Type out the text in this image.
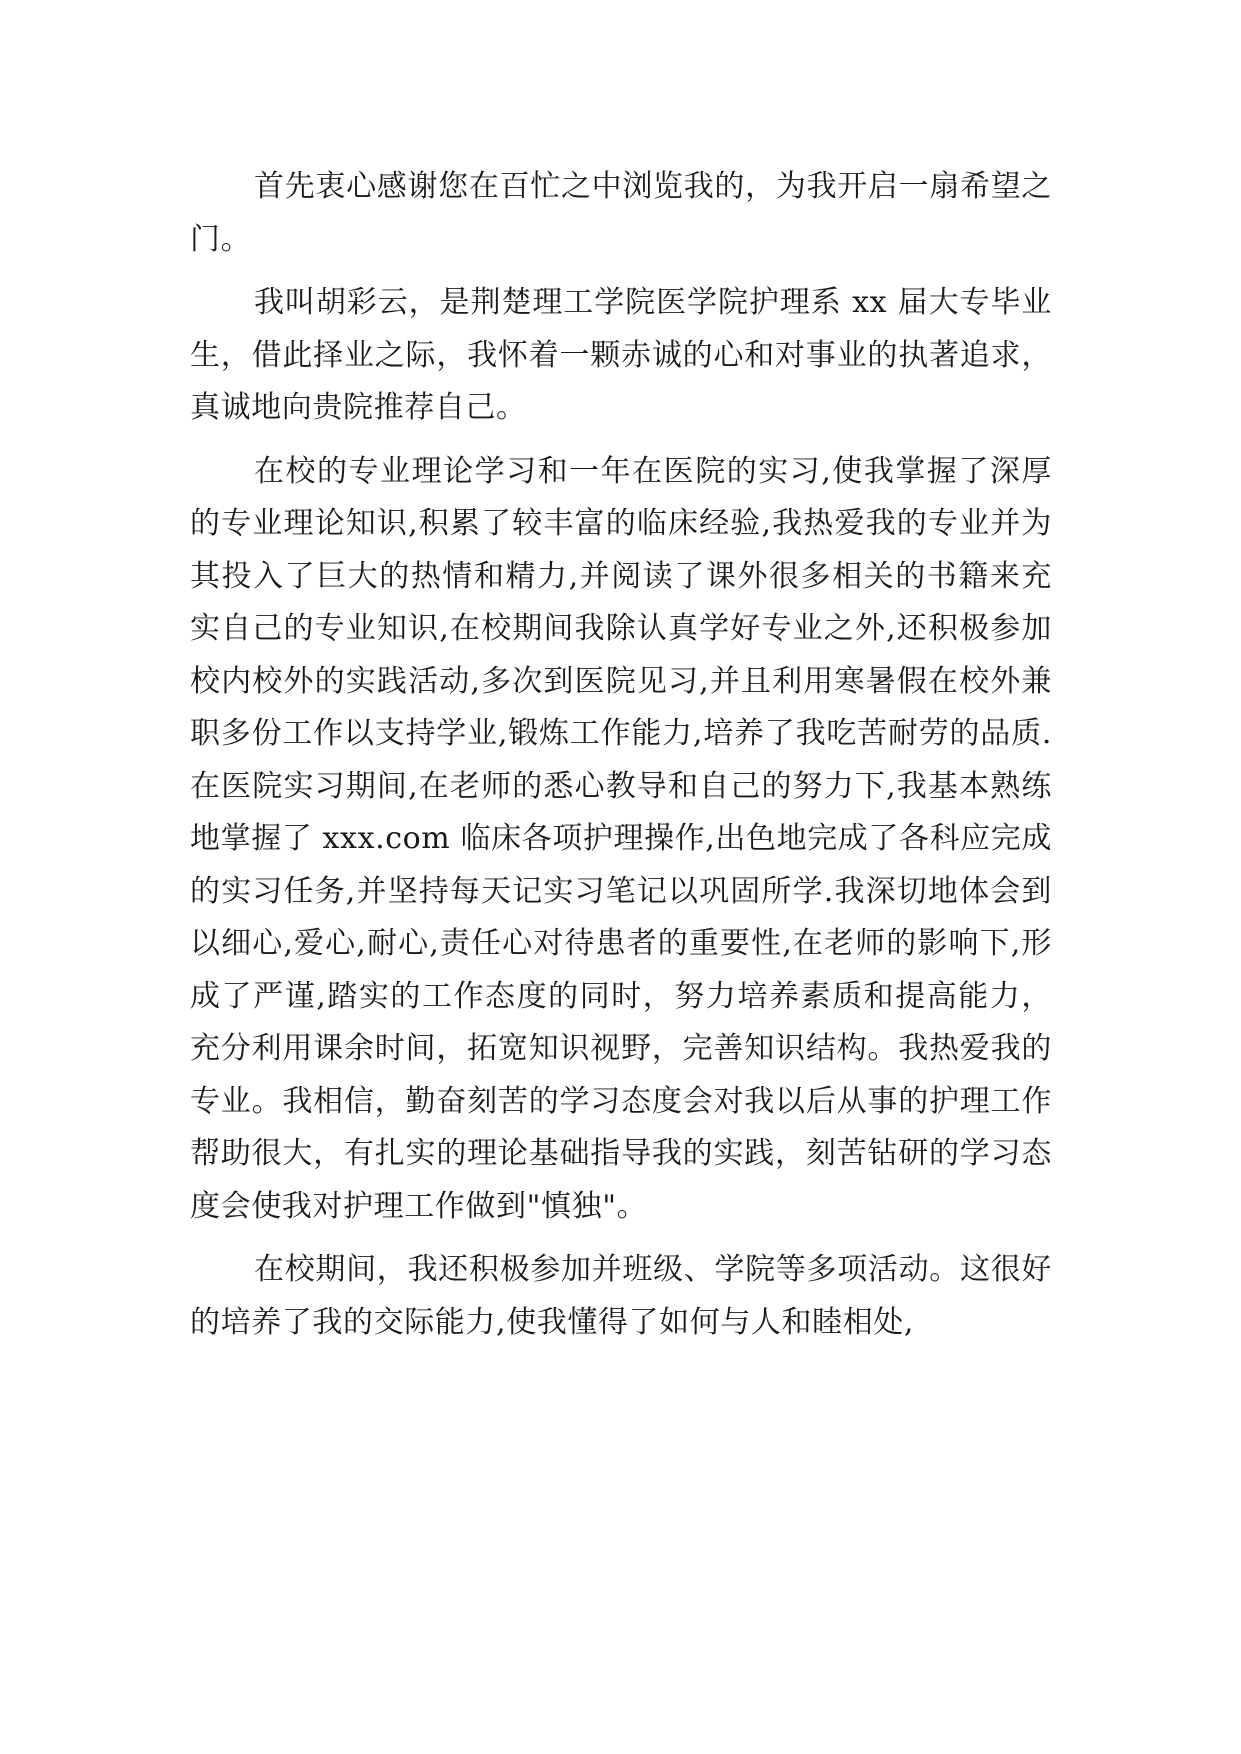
首先衷心感谢您在百忙之中浏览我的，为我开启一扇希望之门。

我叫胡彩云，是荆楚理工学院医学院护理系 xx 届大专毕业生，借此择业之际，我怀着一颗赤诚的心和对事业的执著追求，真诚地向贵院推荐自己。

在校的专业理论学习和一年在医院的实习,使我掌握了深厚的专业理论知识,积累了较丰富的临床经验,我热爱我的专业并为其投入了巨大的热情和精力,并阅读了课外很多相关的书籍来充实自己的专业知识,在校期间我除认真学好专业之外,还积极参加校内校外的实践活动,多次到医院见习,并且利用寒暑假在校外兼职多份工作以支持学业,锻炼工作能力,培养了我吃苦耐劳的品质.在医院实习期间,在老师的悉心教导和自己的努力下,我基本熟练地掌握了 xxx.com 临床各项护理操作,出色地完成了各科应完成的实习任务,并坚持每天记实习笔记以巩固所学.我深切地体会到以细心,爱心,耐心,责任心对待患者的重要性,在老师的影响下,形成了严谨,踏实的工作态度的同时，努力培养素质和提高能力，充分利用课余时间，拓宽知识视野，完善知识结构。我热爱我的专业。我相信，勤奋刻苦的学习态度会对我以后从事的护理工作帮助很大，有扎实的理论基础指导我的实践，刻苦钻研的学习态度会使我对护理工作做到"慎独"。

在校期间，我还积极参加并班级、学院等多项活动。这很好的培养了我的交际能力,使我懂得了如何与人和睦相处,
